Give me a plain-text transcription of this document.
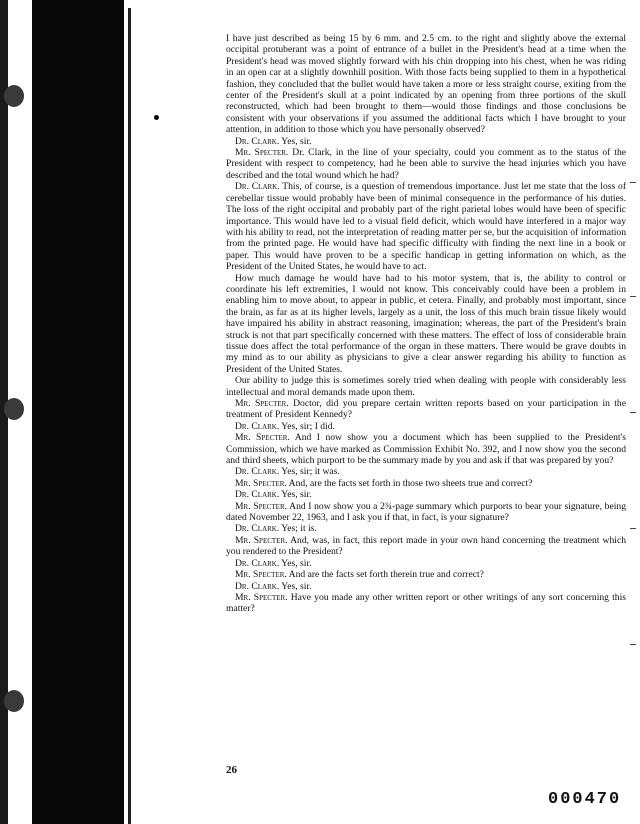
I have just described as being 15 by 6 mm. and 2.5 cm. to the right and slightly above the external occipital protuberant was a point of entrance of a bullet in the President's head at a time when the President's head was moved slightly forward with his chin dropping into his chest, when he was riding in an open car at a slightly downhill position. With those facts being supplied to them in a hypothetical fashion, they concluded that the bullet would have taken a more or less straight course, exiting from the center of the President's skull at a point indicated by an opening from three portions of the skull reconstructed, which had been brought to them—would those findings and those conclusions be consistent with your observations if you assumed the additional facts which I have brought to your attention, in addition to those which you have personally observed?

Dr. Clark. Yes, sir.

Mr. Specter. Dr. Clark, in the line of your specialty, could you comment as to the status of the President with respect to competency, had he been able to survive the head injuries which you have described and the total wound which he had?

Dr. Clark. This, of course, is a question of tremendous importance. Just let me state that the loss of cerebellar tissue would probably have been of minimal consequence in the performance of his duties. The loss of the right occipital and probably part of the right parietal lobes would have been of specific importance. This would have led to a visual field deficit, which would have interfered in a major way with his ability to read, not the interpretation of reading matter per se, but the acquisition of information from the printed page. He would have had specific difficulty with finding the next line in a book or paper. This would have proven to be a specific handicap in getting information on which, as the President of the United States, he would have to act.

How much damage he would have had to his motor system, that is, the ability to control or coordinate his left extremities, I would not know. This conceivably could have been a problem in enabling him to move about, to appear in public, et cetera. Finally, and probably most important, since the brain, as far as at its higher levels, largely as a unit, the loss of this much brain tissue likely would have impaired his ability in abstract reasoning, imagination; whereas, the part of the President's brain struck is not that part specifically concerned with these matters. The effect of loss of considerable brain tissue does affect the total performance of the organ in these matters. There would be grave doubts in my mind as to our ability as physicians to give a clear answer regarding his ability to function as President of the United States.

Our ability to judge this is sometimes sorely tried when dealing with people with considerably less intellectual and moral demands made upon them.

Mr. Specter. Doctor, did you prepare certain written reports based on your participation in the treatment of President Kennedy?

Dr. Clark. Yes, sir; I did.

Mr. Specter. And I now show you a document which has been supplied to the President's Commission, which we have marked as Commission Exhibit No. 392, and I now show you the second and third sheets, which purport to be the summary made by you and ask if that was prepared by you?

Dr. Clark. Yes, sir; it was.

Mr. Specter. And, are the facts set forth in those two sheets true and correct?

Dr. Clark. Yes, sir.

Mr. Specter. And I now show you a 2¾-page summary which purports to bear your signature, being dated November 22, 1963, and I ask you if that, in fact, is your signature?

Dr. Clark. Yes; it is.

Mr. Specter. And, was, in fact, this report made in your own hand concerning the treatment which you rendered to the President?

Dr. Clark. Yes, sir.

Mr. Specter. And are the facts set forth therein true and correct?

Dr. Clark. Yes, sir.

Mr. Specter. Have you made any other written report or other writings of any sort concerning this matter?

26
000470
